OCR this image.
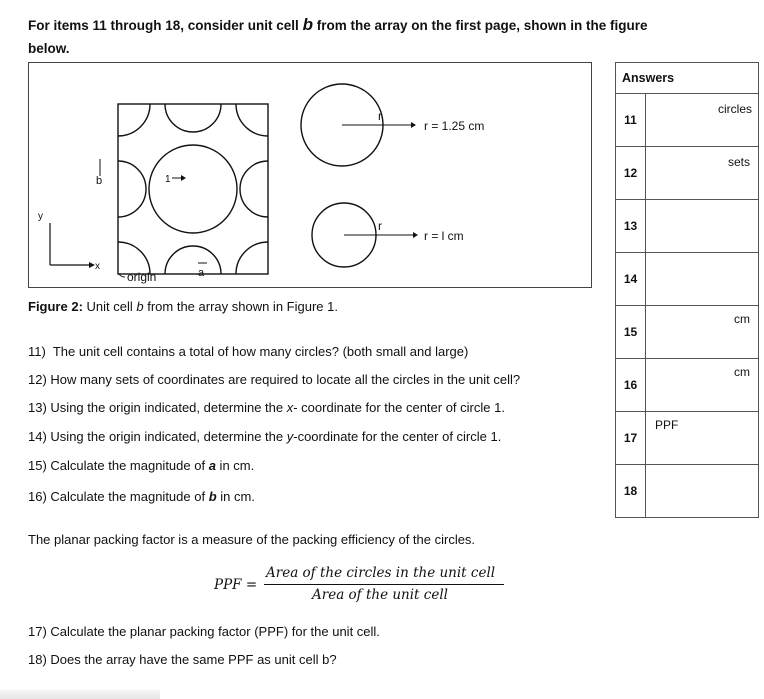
For items 11 through 18, consider unit cell b from the array on the first page, shown in the figure below.
r
r = 1.25 cm
r
r = l cm
1
b
a
y
x
origin
Figure 2: Unit cell b from the array shown in Figure 1.
11) The unit cell contains a total of how many circles? (both small and large)
12) How many sets of coordinates are required to locate all the circles in the unit cell?
13) Using the origin indicated, determine the x- coordinate for the center of circle 1.
14) Using the origin indicated, determine the y-coordinate for the center of circle 1.
15) Calculate the magnitude of a in cm.
16) Calculate the magnitude of b in cm.
The planar packing factor is a measure of the packing efficiency of the circles.
PPF =
Area of the circles in the unit cell
Area of the unit cell
17) Calculate the planar packing factor (PPF) for the unit cell.
18) Does the array have the same PPF as unit cell b?
Answers	
11	circles

12	sets

13	

14	

15	cm

16	cm

17	PPF

18	
